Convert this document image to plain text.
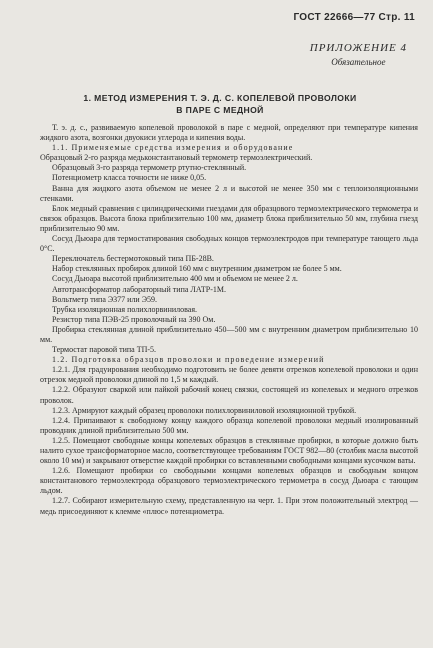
ГОСТ 22666—77 Стр. 11
ПРИЛОЖЕНИЕ 4
Обязательное
1. МЕТОД ИЗМЕРЕНИЯ Т. Э. Д. С. КОПЕЛЕВОЙ ПРОВОЛОКИ
В ПАРЕ С МЕДНОЙ

Т. э. д. с., развиваемую копелевой проволокой в паре с медной, определяют при температуре кипения жидкого азота, возгонки двуокиси углерода и кипения воды.

1.1. Применяемые средства измерения и оборудование

Образцовый 2-го разряда медьконстантановый термометр термоэлектрический.

Образцовый 3-го разряда термометр ртутно-стеклянный.

Потенциометр класса точности не ниже 0,05.

Ванна для жидкого азота объемом не менее 2 л и высотой не менее 350 мм с теплоизоляционными стенками.

Блок медный сравнения с цилиндрическими гнездами для образцового термоэлектрического термометра и связок образцов. Высота блока приблизительно 100 мм, диаметр блока приблизительно 50 мм, глубина гнезд приблизительно 90 мм.

Сосуд Дьюара для термостатирования свободных концов термоэлектродов при температуре тающего льда 0°С.

Переключатель бестермотоковый типа ПБ-28В.

Набор стеклянных пробирок длиной 160 мм с внутренним диаметром не более 5 мм.

Сосуд Дьюара высотой приблизительно 400 мм и объемом не менее 2 л.

Автотрансформатор лабораторный типа ЛАТР-1М.

Вольтметр типа Э377 или Э59.

Трубка изоляционная полихлорвиниловая.

Резистор типа ПЭВ-25 проволочный на 390 Ом.

Пробирка стеклянная длиной приблизительно 450—500 мм с внутренним диаметром приблизительно 10 мм.

Термостат паровой типа ТП-5.

1.2. Подготовка образцов проволоки и проведение измерений

1.2.1. Для градуирования необходимо подготовить не более девяти отрезков копелевой проволоки и один отрезок медной проволоки длиной по 1,5 м каждый.

1.2.2. Образуют сваркой или пайкой рабочий конец связки, состоящей из копелевых и медного отрезков проволок.

1.2.3. Армируют каждый образец проволоки полихлорвиниловой изоляционной трубкой.

1.2.4. Припаивают к свободному концу каждого образца копелевой проволоки медный изолированный проводник длиной приблизительно 500 мм.

1.2.5. Помещают свободные концы копелевых образцов в стеклянные пробирки, в которые должно быть налито сухое трансформаторное масло, соответствующее требованиям ГОСТ 982—80 (столбик масла высотой около 10 мм) и закрывают отверстие каждой пробирки со вставленными свободными концами кусочком ваты.

1.2.6. Помещают пробирки со свободными концами копелевых образцов и свободным концом константанового термоэлектрода образцового термоэлектрического термометра в сосуд Дьюара с тающим льдом.

1.2.7. Собирают измерительную схему, представленную на черт. 1. При этом положительный электрод — медь присоединяют к клемме «плюс» потенциометра.
